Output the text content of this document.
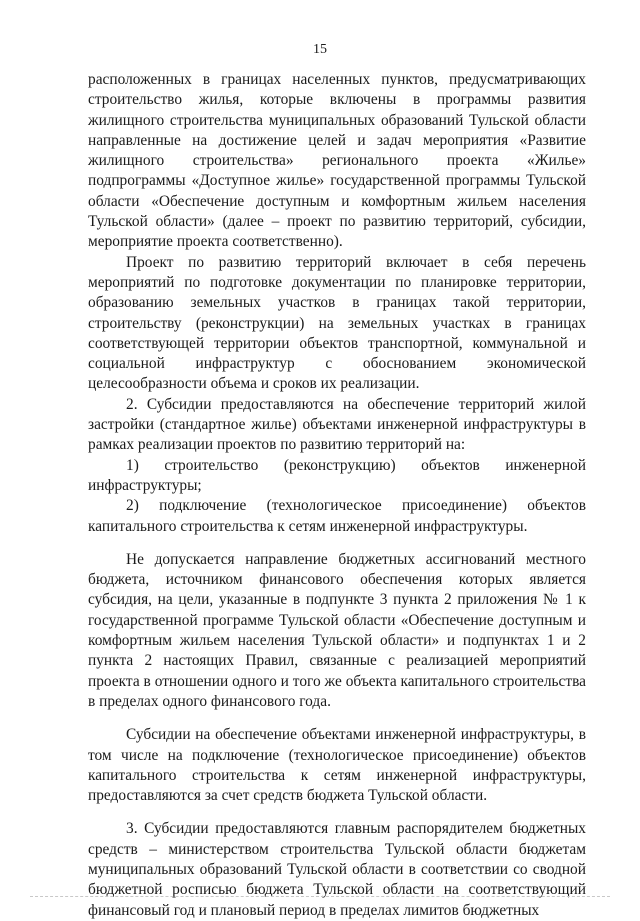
15

расположенных в границах населенных пунктов, предусматривающих строительство жилья, которые включены в программы развития жилищного строительства муниципальных образований Тульской области направленные на достижение целей и задач мероприятия «Развитие жилищного строительства» регионального проекта «Жилье» подпрограммы «Доступное жилье» государственной программы Тульской области «Обеспечение доступным и комфортным жильем населения Тульской области» (далее – проект по развитию территорий, субсидии, мероприятие проекта соответственно).

Проект по развитию территорий включает в себя перечень мероприятий по подготовке документации по планировке территории, образованию земельных участков в границах такой территории, строительству (реконструкции) на земельных участках в границах соответствующей территории объектов транспортной, коммунальной и социальной инфраструктур с обоснованием экономической целесообразности объема и сроков их реализации.

2. Субсидии предоставляются на обеспечение территорий жилой застройки (стандартное жилье) объектами инженерной инфраструктуры в рамках реализации проектов по развитию территорий на:

1) строительство (реконструкцию) объектов инженерной инфраструктуры;

2) подключение (технологическое присоединение) объектов капитального строительства к сетям инженерной инфраструктуры.

Не допускается направление бюджетных ассигнований местного бюджета, источником финансового обеспечения которых является субсидия, на цели, указанные в подпункте 3 пункта 2 приложения № 1 к государственной программе Тульской области «Обеспечение доступным и комфортным жильем населения Тульской области» и подпунктах 1 и 2 пункта 2 настоящих Правил, связанные с реализацией мероприятий проекта в отношении одного и того же объекта капитального строительства в пределах одного финансового года.

Субсидии на обеспечение объектами инженерной инфраструктуры, в том числе на подключение (технологическое присоединение) объектов капитального строительства к сетям инженерной инфраструктуры, предоставляются за счет средств бюджета Тульской области.

3. Субсидии предоставляются главным распорядителем бюджетных средств – министерством строительства Тульской области бюджетам муниципальных образований Тульской области в соответствии со сводной бюджетной росписью бюджета Тульской области на соответствующий финансовый год и плановый период в пределах лимитов бюджетных
